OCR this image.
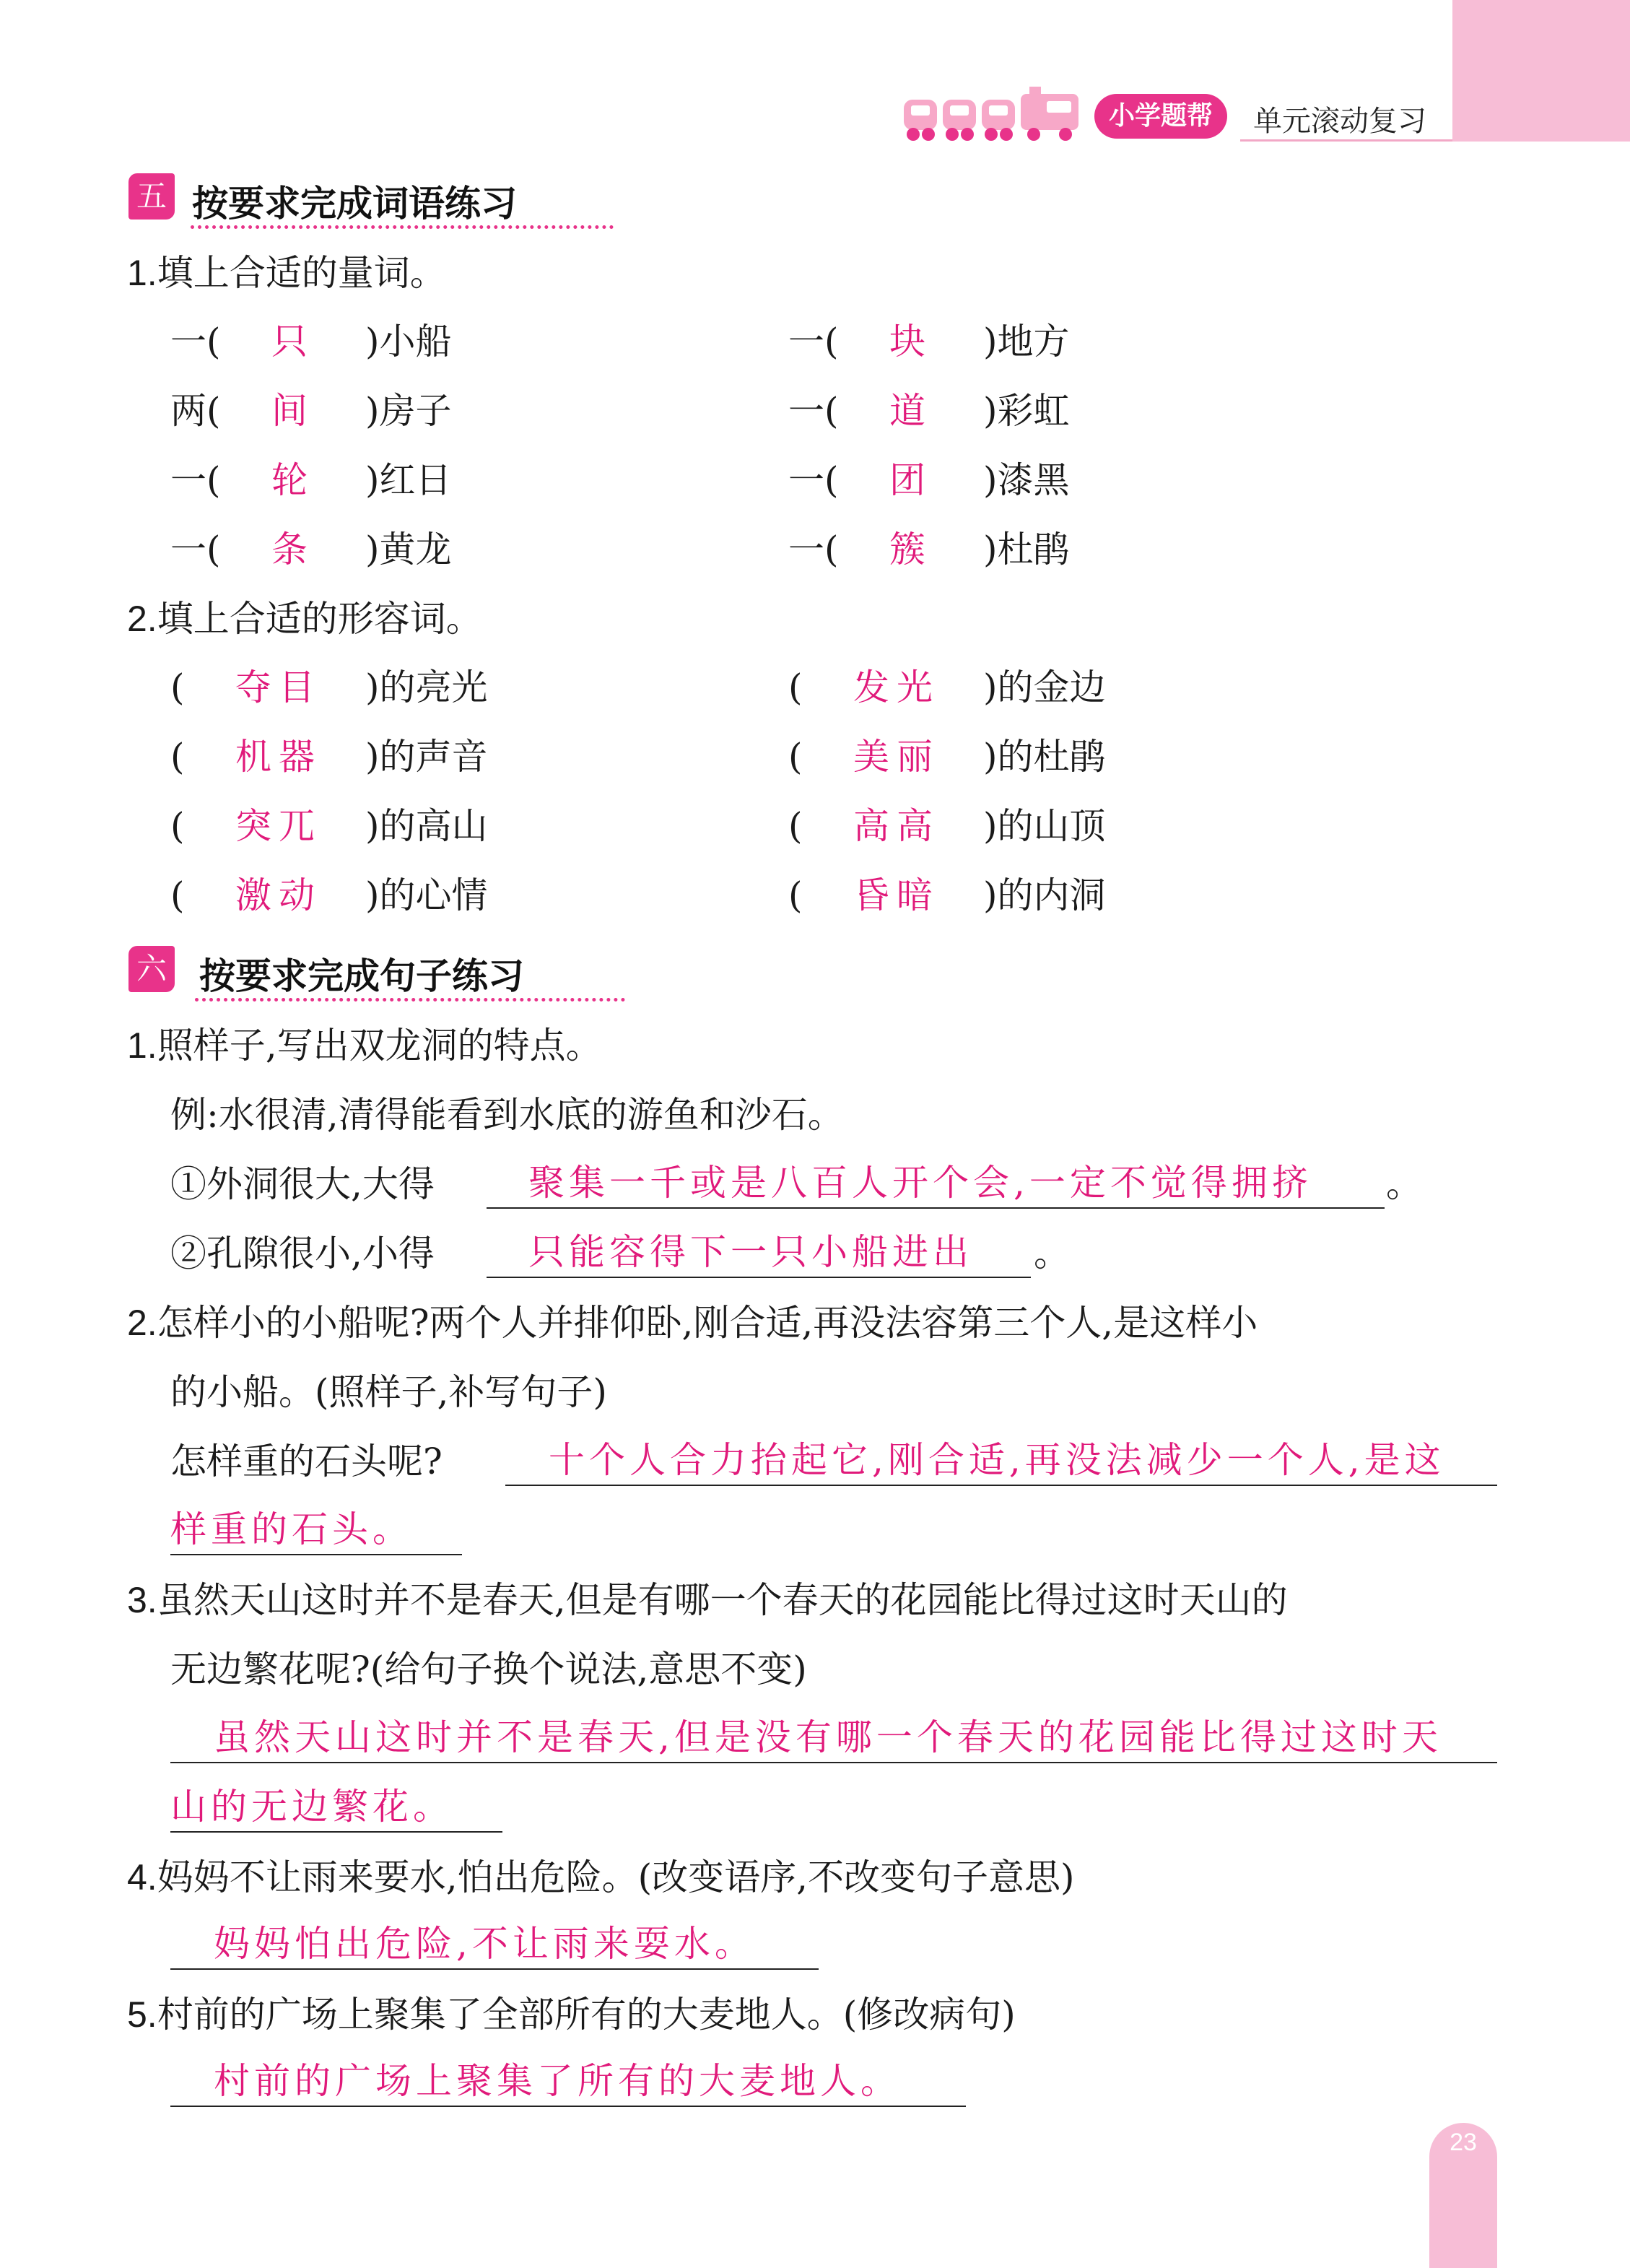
小学题帮	单元滚动复习
五 按要求完成词语练习
1.填上合适的量词。
一(	只	)小船
两(	间	)房子
一(	轮	)红日
一(	条	)黄龙
一(	块	)地方
一(	道	)彩虹
一(	团	)漆黑
一(	簇	)杜鹃
2.填上合适的形容词。
(	夺目	)的亮光
(	机器	)的声音
(	突兀	)的高山
(	激动	)的心情
(	发光	)的金边
(	美丽	)的杜鹃
(	高高	)的山顶
(	昏暗	)的内洞
六 按要求完成句子练习
1.照样子,写出双龙洞的特点。
例:水很清,清得能看到水底的游鱼和沙石。
①外洞很大,大得	聚集一千或是八百人开个会,一定不觉得拥挤 。
②孔隙很小,小得	只能容得下一只小船进出 。
2.怎样小的小船呢?两个人并排仰卧,刚合适,再没法容第三个人,是这样小
的小船。(照样子,补写句子)
怎样重的石头呢?	十个人合力抬起它,刚合适,再没法减少一个人,是这
样重的石头。
3.虽然天山这时并不是春天,但是有哪一个春天的花园能比得过这时天山的
无边繁花呢?(给句子换个说法,意思不变)
虽然天山这时并不是春天,但是没有哪一个春天的花园能比得过这时天
山的无边繁花。
4.妈妈不让雨来要水,怕出危险。(改变语序,不改变句子意思)
妈妈怕出危险,不让雨来耍水。
5.村前的广场上聚集了全部所有的大麦地人。(修改病句)
村前的广场上聚集了所有的大麦地人。
23
